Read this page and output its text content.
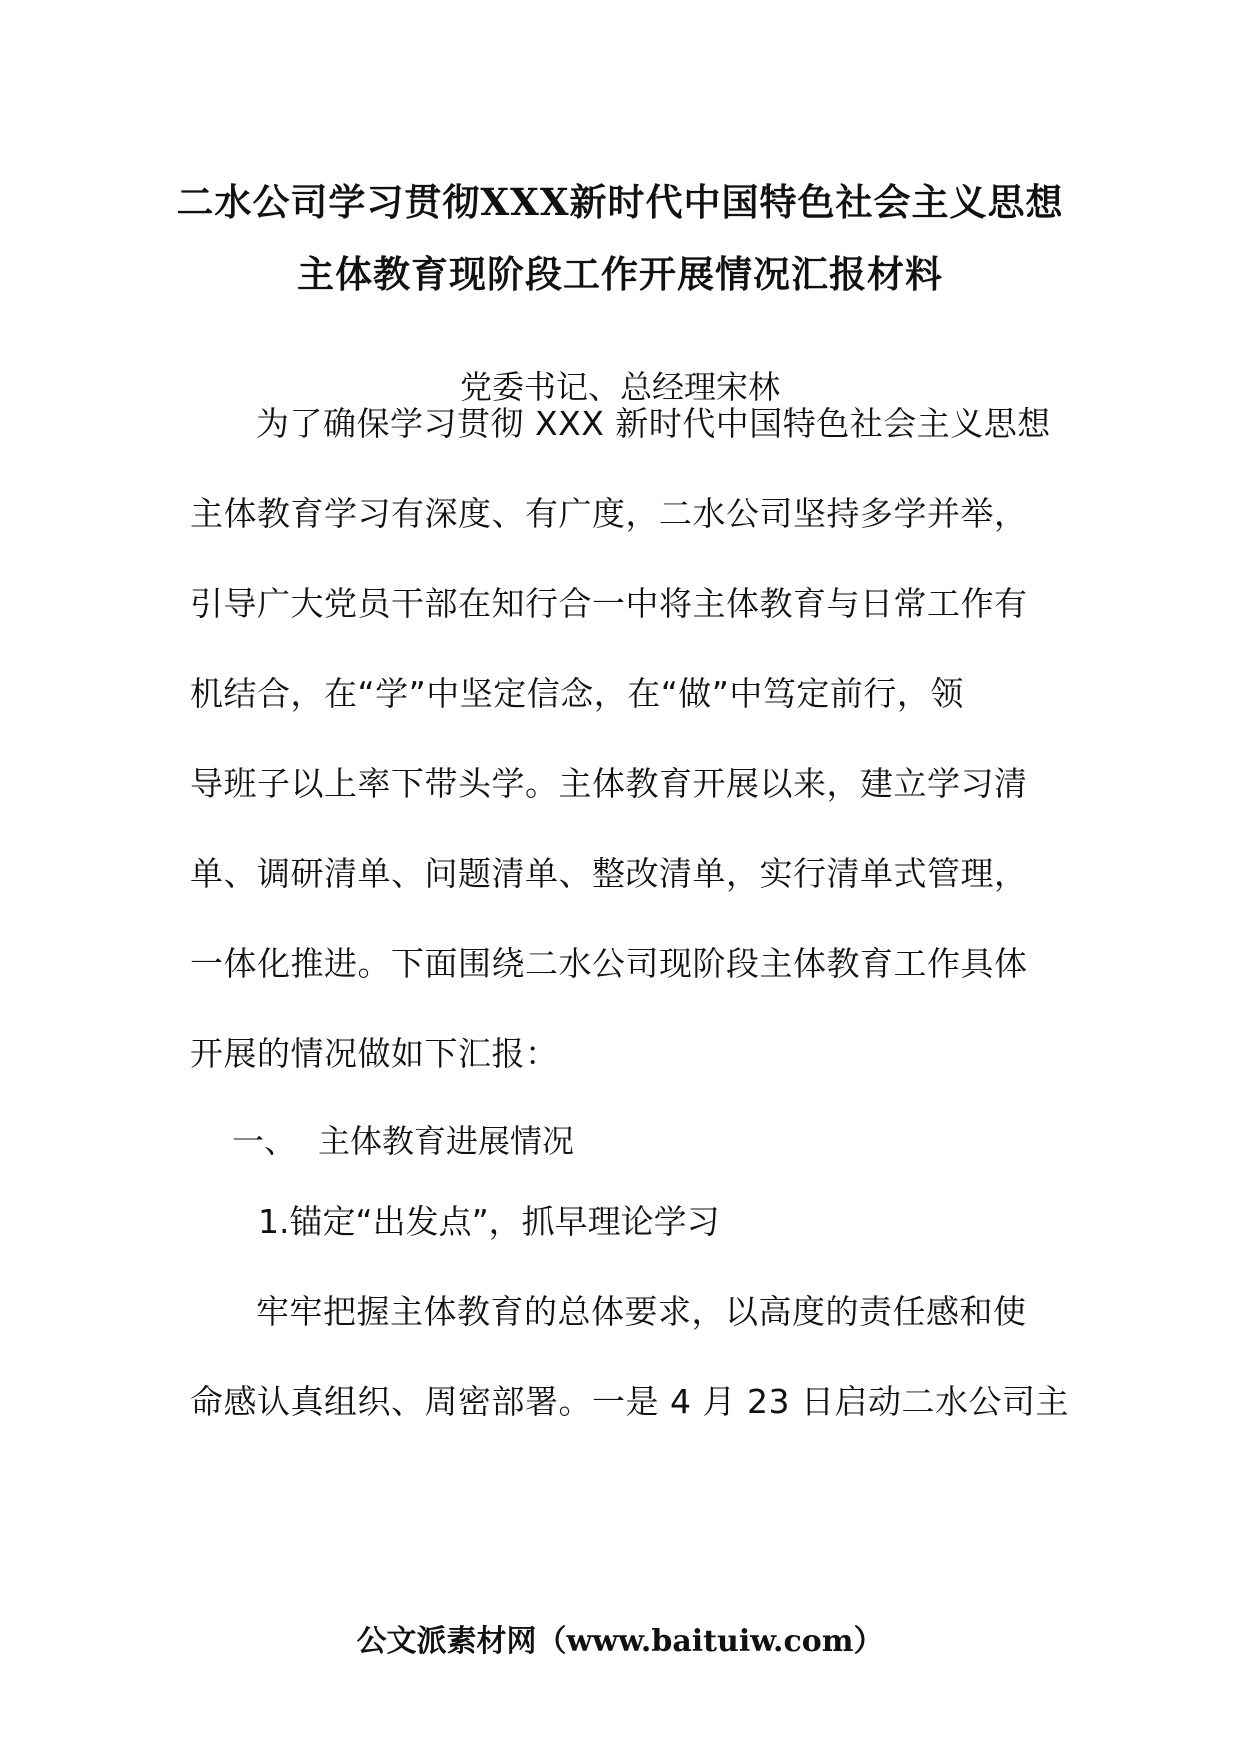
二水公司学习贯彻XXX新时代中国特色社会主义思想
主体教育现阶段工作开展情况汇报材料
党委书记、总经理宋林
为了确保学习贯彻 XXX 新时代中国特色社会主义思想
主体教育学习有深度、有广度，二水公司坚持多学并举，
引导广大党员干部在知行合一中将主体教育与日常工作有
机结合，在“学”中坚定信念，在“做”中笃定前行，领
导班子以上率下带头学。主体教育开展以来，建立学习清
单、调研清单、问题清单、整改清单，实行清单式管理，
一体化推进。下面围绕二水公司现阶段主体教育工作具体
开展的情况做如下汇报：
一、 主体教育进展情况
1.锚定“出发点”，抓早理论学习
牢牢把握主体教育的总体要求，以高度的责任感和使
命感认真组织、周密部署。一是 4 月 23 日启动二水公司主
公文派素材网（www.baituiw.com）
